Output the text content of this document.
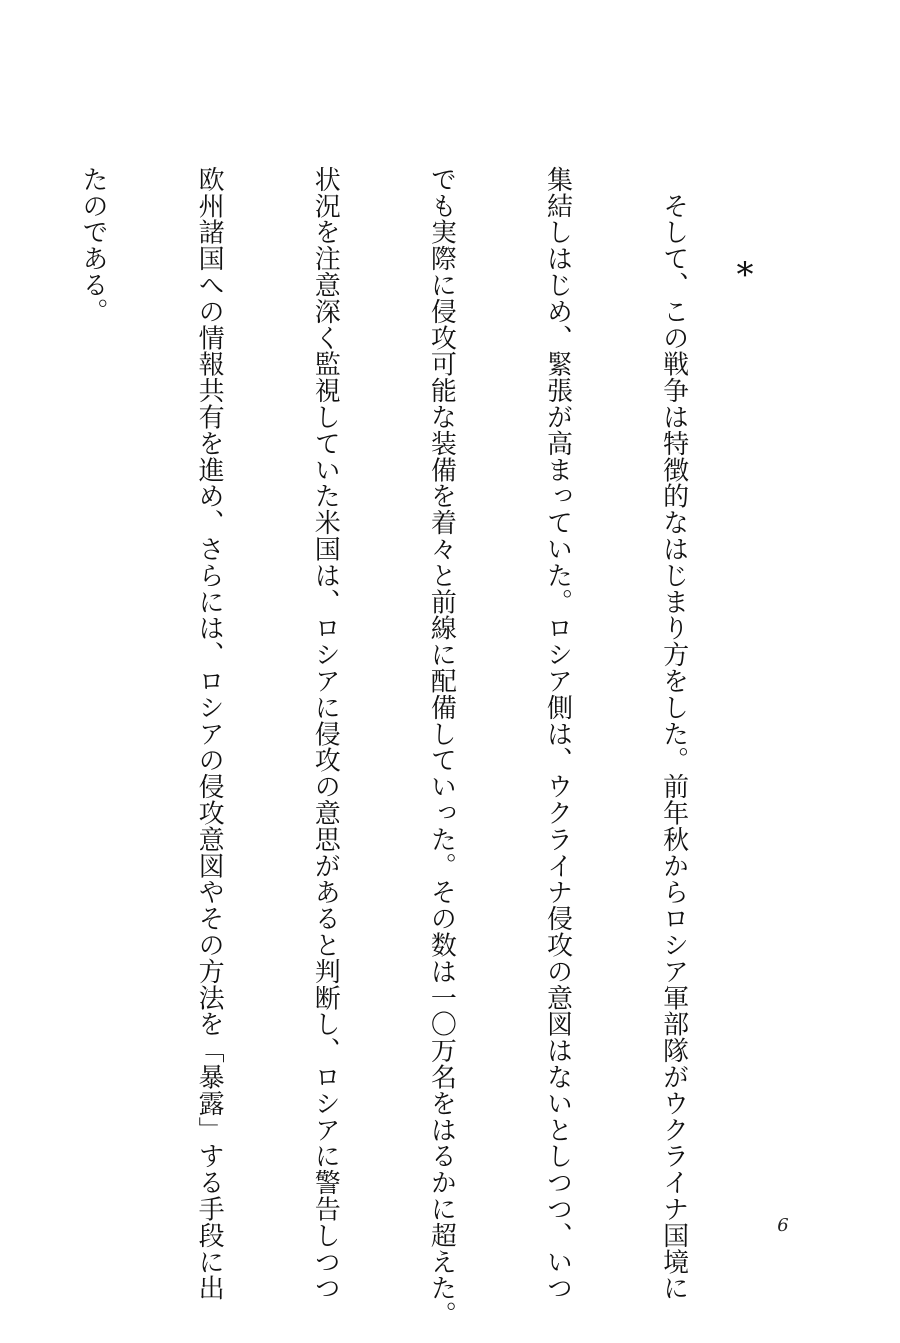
*

　そして、この戦争は特徴的なはじまり方をした。前年秋からロシア軍部隊がウクライナ国境に

集結しはじめ、緊張が高まっていた。ロシア側は、ウクライナ侵攻の意図はないとしつつ、いつ

でも実際に侵攻可能な装備を着々と前線に配備していった。その数は一〇万名をはるかに超えた。

状況を注意深く監視していた米国は、ロシアに侵攻の意思があると判断し、ロシアに警告しつつ

欧州諸国への情報共有を進め、さらには、ロシアの侵攻意図やその方法を「暴露」する手段に出

たのである。

6
